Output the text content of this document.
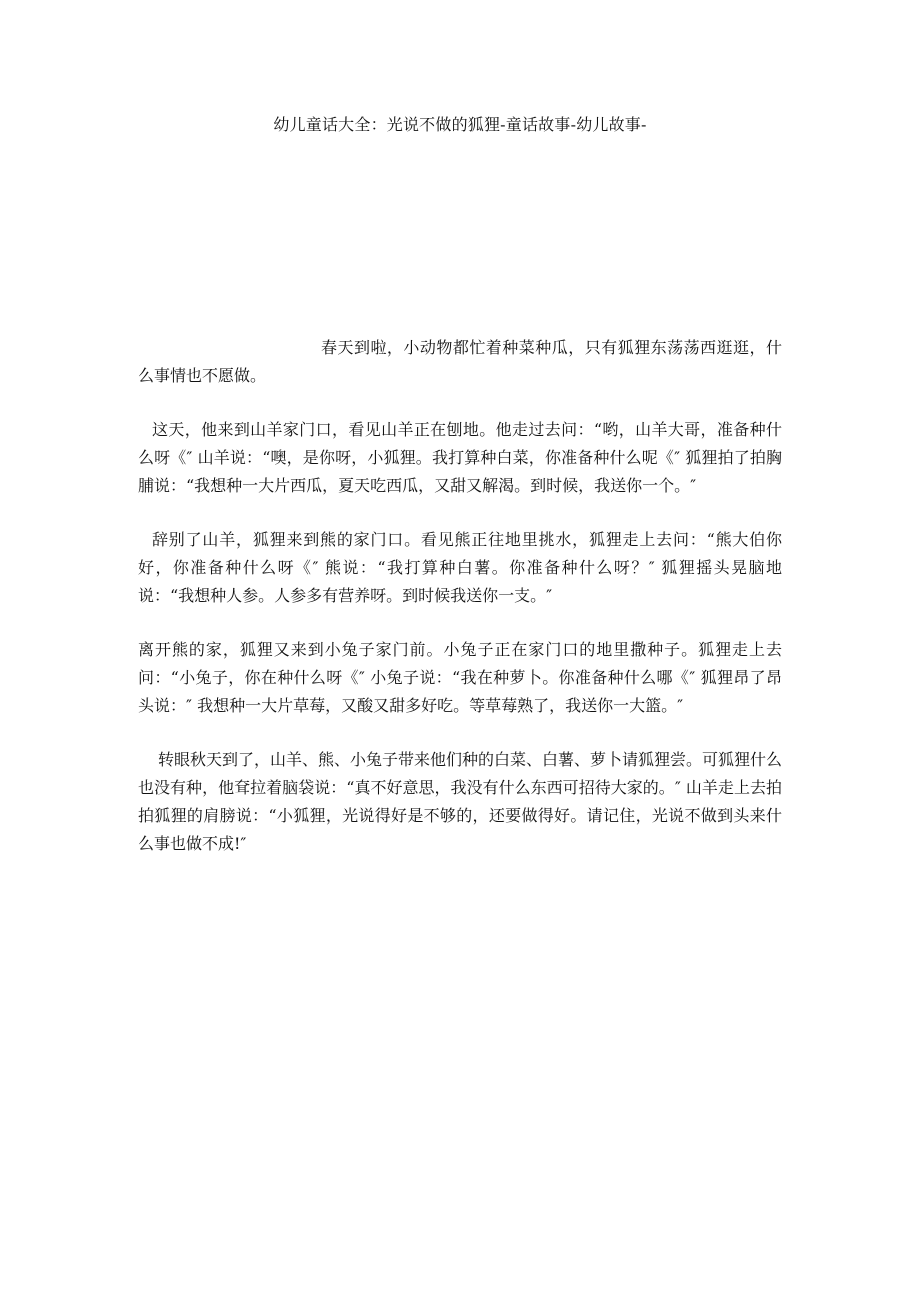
幼儿童话大全：光说不做的狐狸-童话故事-幼儿故事-

春天到啦，小动物都忙着种菜种瓜，只有狐狸东荡荡西逛逛，什么事情也不愿做。

这天，他来到山羊家门口，看见山羊正在刨地。他走过去问：“哟，山羊大哥，准备种什么呀《″ 山羊说：“噢，是你呀，小狐狸。我打算种白菜，你准备种什么呢《″ 狐狸拍了拍胸脯说：“我想种一大片西瓜，夏天吃西瓜，又甜又解渴。到时候，我送你一个。″

辞别了山羊，狐狸来到熊的家门口。看见熊正往地里挑水，狐狸走上去问：“熊大伯你好，你准备种什么呀《″ 熊说：“我打算种白薯。你准备种什么呀？″ 狐狸摇头晃脑地说：“我想种人参。人参多有营养呀。到时候我送你一支。″

离开熊的家，狐狸又来到小兔子家门前。小兔子正在家门口的地里撒种子。狐狸走上去问：“小兔子，你在种什么呀《″ 小兔子说：“我在种萝卜。你准备种什么哪《″ 狐狸昂了昂头说：″ 我想种一大片草莓，又酸又甜多好吃。等草莓熟了，我送你一大篮。″

转眼秋天到了，山羊、熊、小兔子带来他们种的白菜、白薯、萝卜请狐狸尝。可狐狸什么也没有种，他耷拉着脑袋说：“真不好意思，我没有什么东西可招待大家的。″ 山羊走上去拍拍狐狸的肩膀说：“小狐狸，光说得好是不够的，还要做得好。请记住，光说不做到头来什么事也做不成!″
